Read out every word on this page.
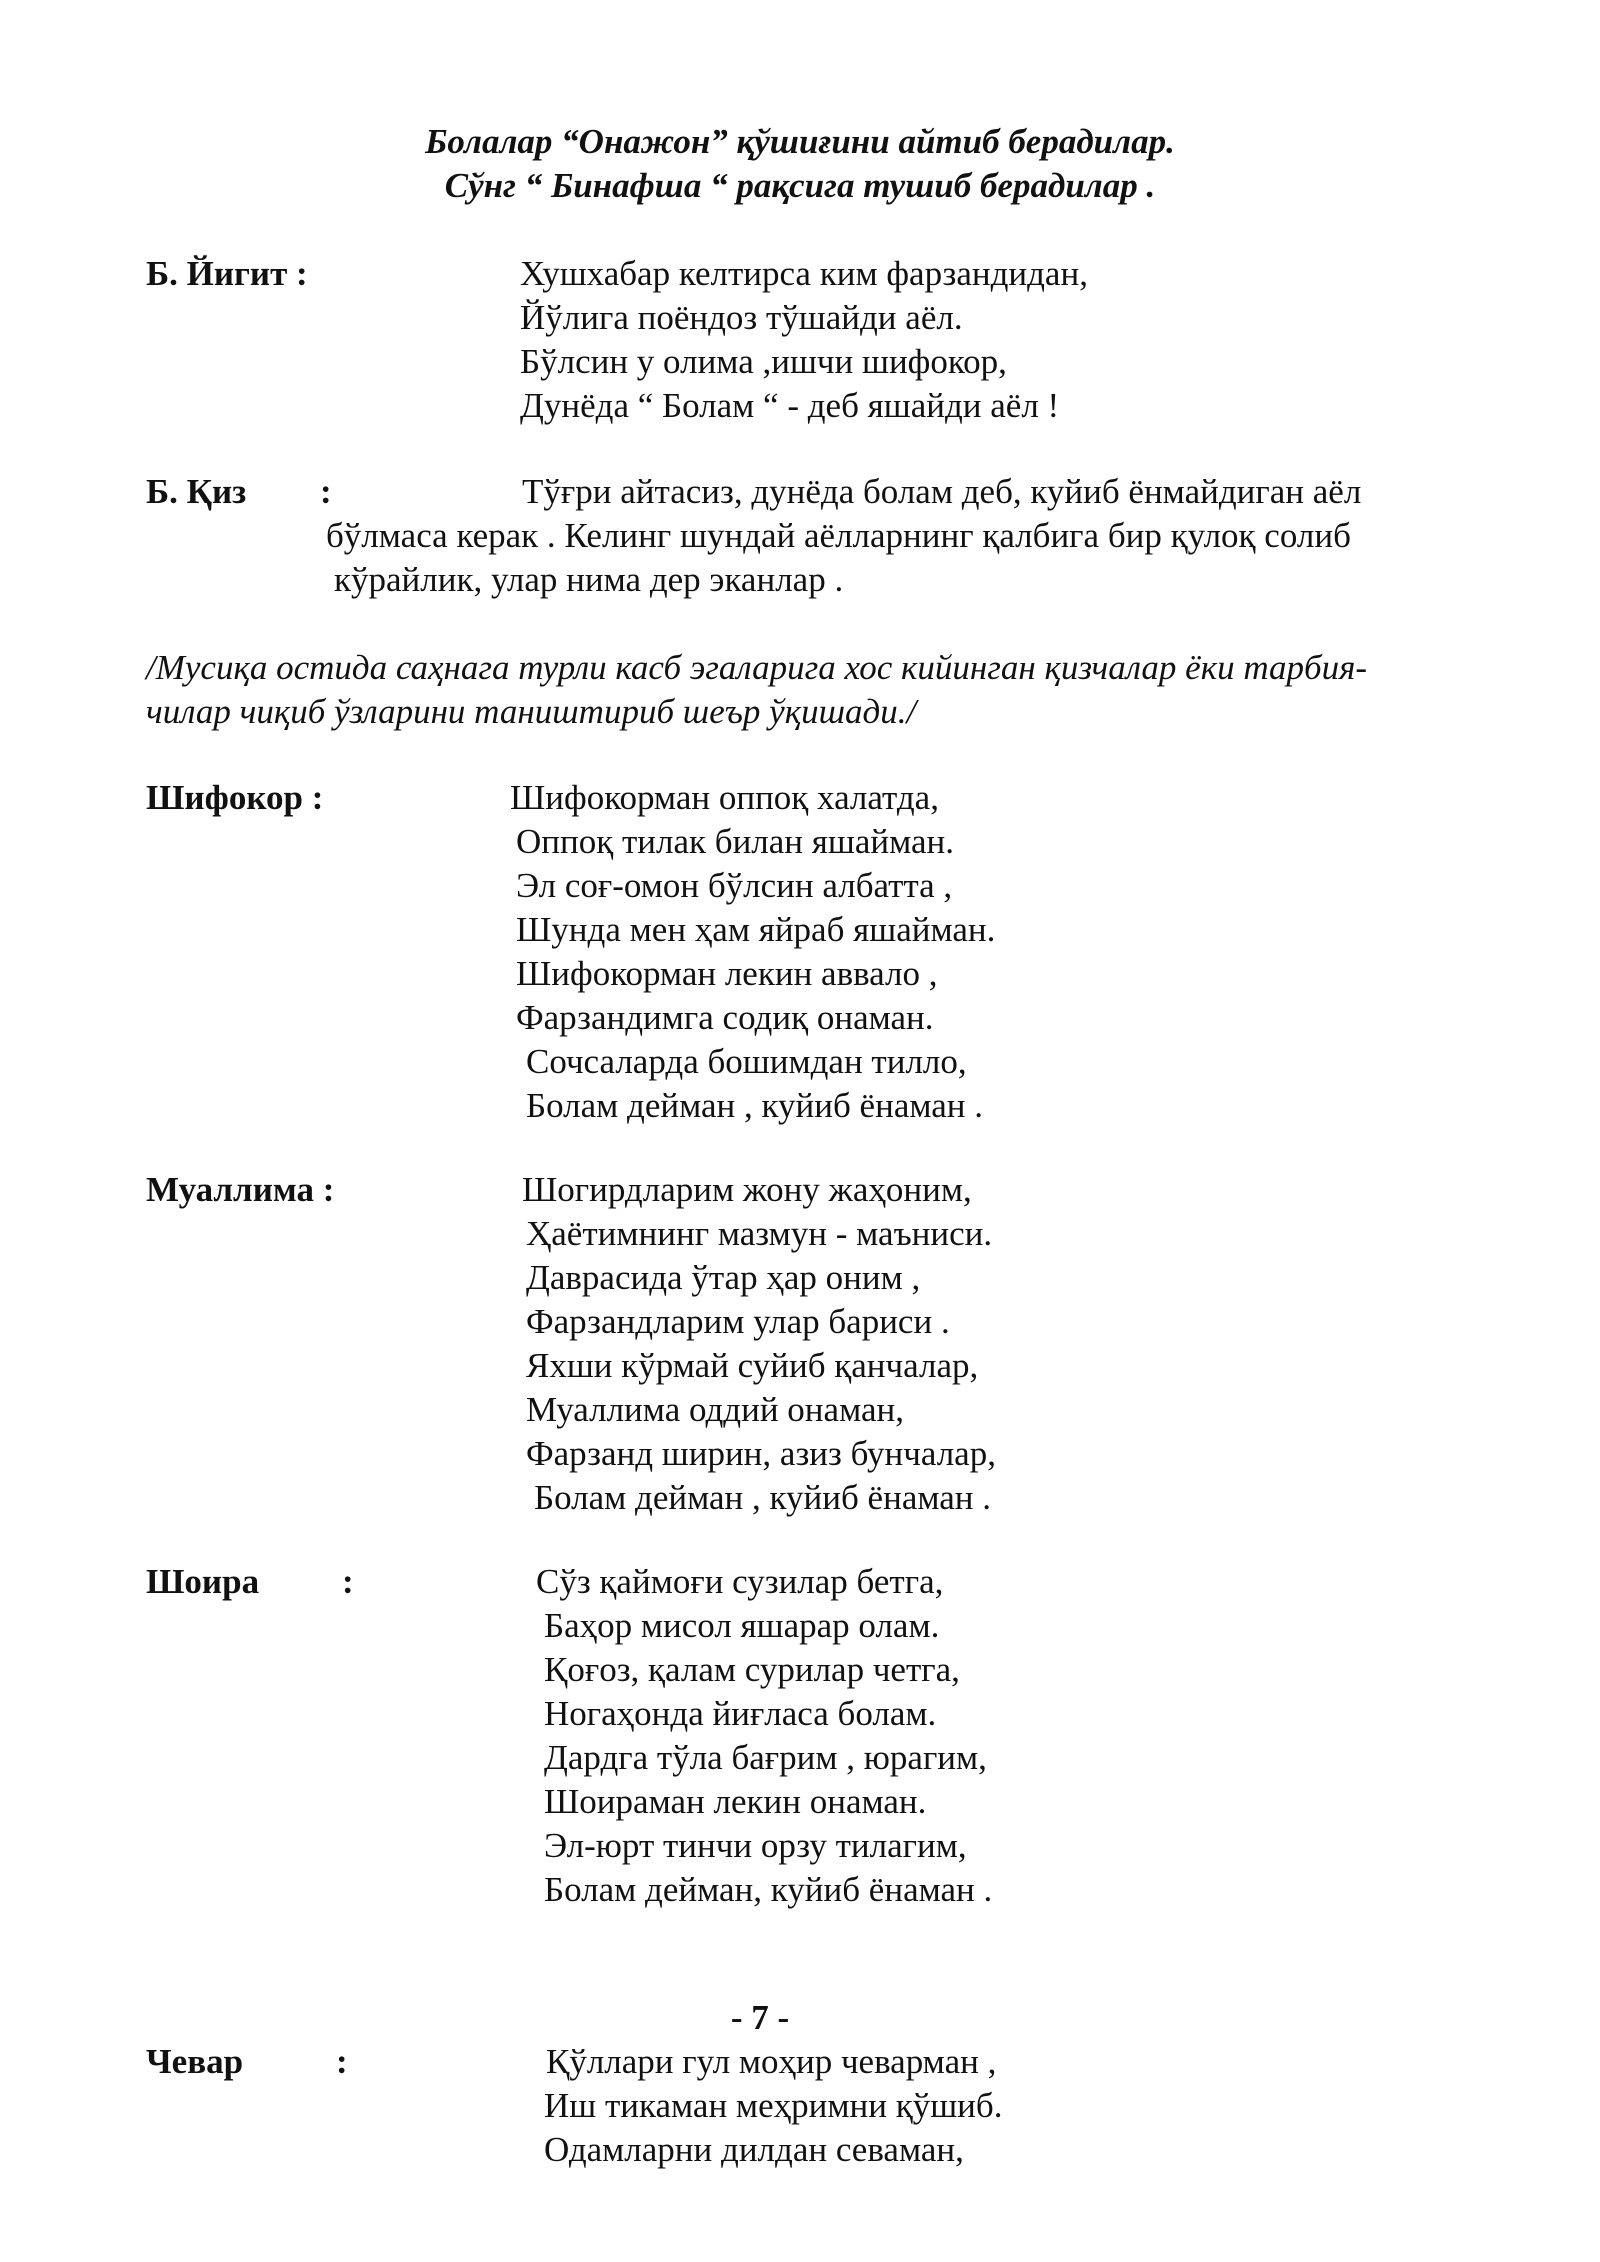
Болалар “Онажон” қўшиғини айтиб берадилар.
Сўнг “ Бинафша “ рақсига тушиб берадилар .
Б. Йигит :	Хушхабар келтирса ким фарзандидан,
Йўлига поёндоз тўшайди аёл.
Бўлсин у олима ,ишчи шифокор,
Дунёда “ Болам “ - деб яшайди аёл !
Б. Қиз :	Тўғри айтасиз, дунёда болам деб, куйиб ёнмайдиган аёл
бўлмаса керак . Келинг шундай аёлларнинг қалбига бир қулоқ солиб
кўрайлик, улар нима дер эканлар .
/Мусиқа остида саҳнага турли касб эгаларига хос кийинган қизчалар ёки тарбия-
чилар чиқиб ўзларини таништириб шеър ўқишади./
Шифокор :	Шифокорман оппоқ халатда,
Оппоқ тилак билан яшайман.
Эл соғ-омон бўлсин албатта ,
Шунда мен ҳам яйраб яшайман.
Шифокорман лекин аввало ,
Фарзандимга содиқ онаман.
Сочсаларда бошимдан тилло,
Болам дейман , куйиб ёнаман .
Муаллима :	Шогирдларим жону жаҳоним,
Ҳаётимнинг мазмун - маъниси.
Даврасида ўтар ҳар оним ,
Фарзандларим улар бариси .
Яхши кўрмай суйиб қанчалар,
Муаллима оддий онаман,
Фарзанд ширин, азиз бунчалар,
Болам дейман , куйиб ёнаман .
Шоира :	Сўз қаймоғи сузилар бетга,
Баҳор мисол яшарар олам.
Қоғоз, қалам сурилар четга,
Ногаҳонда йиғласа болам.
Дардга тўла бағрим , юрагим,
Шоираман лекин онаман.
Эл-юрт тинчи орзу тилагим,
Болам дейман, куйиб ёнаман .
- 7 -
Чевар	:	Қўллари гул моҳир чеварман ,
Иш тикаман меҳримни қўшиб.
Одамларни дилдан севаман,
